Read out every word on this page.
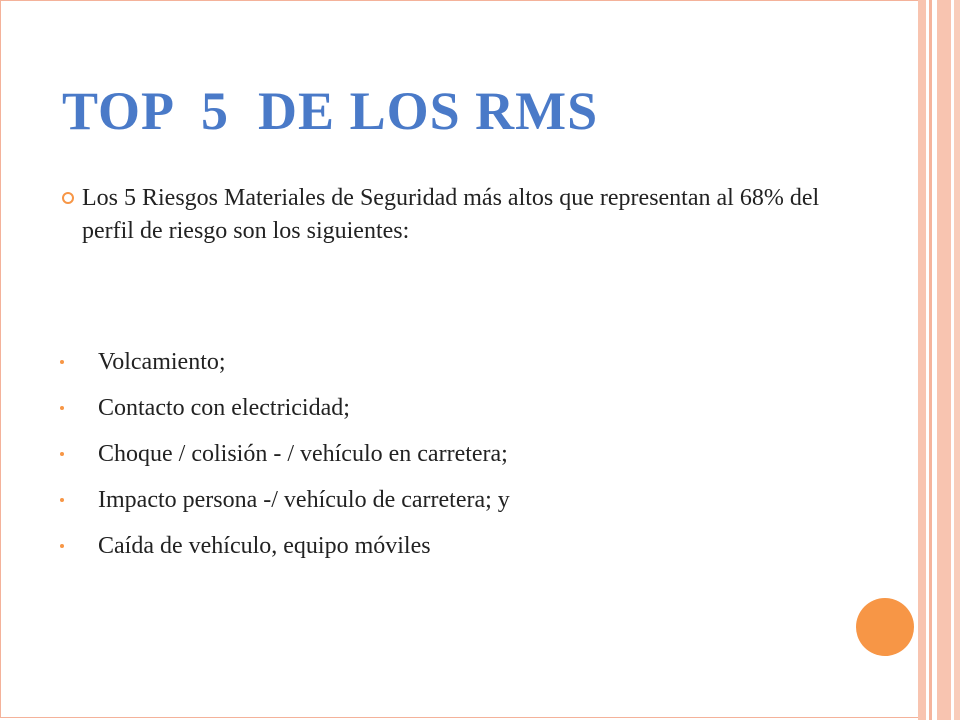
TOP  5  DE LOS RMS
Los 5 Riesgos Materiales de Seguridad más altos que representan al 68% del perfil de riesgo son los siguientes:
Volcamiento;
Contacto con electricidad;
Choque / colisión - / vehículo en carretera;
Impacto persona -/ vehículo de carretera; y
Caída de vehículo, equipo móviles
